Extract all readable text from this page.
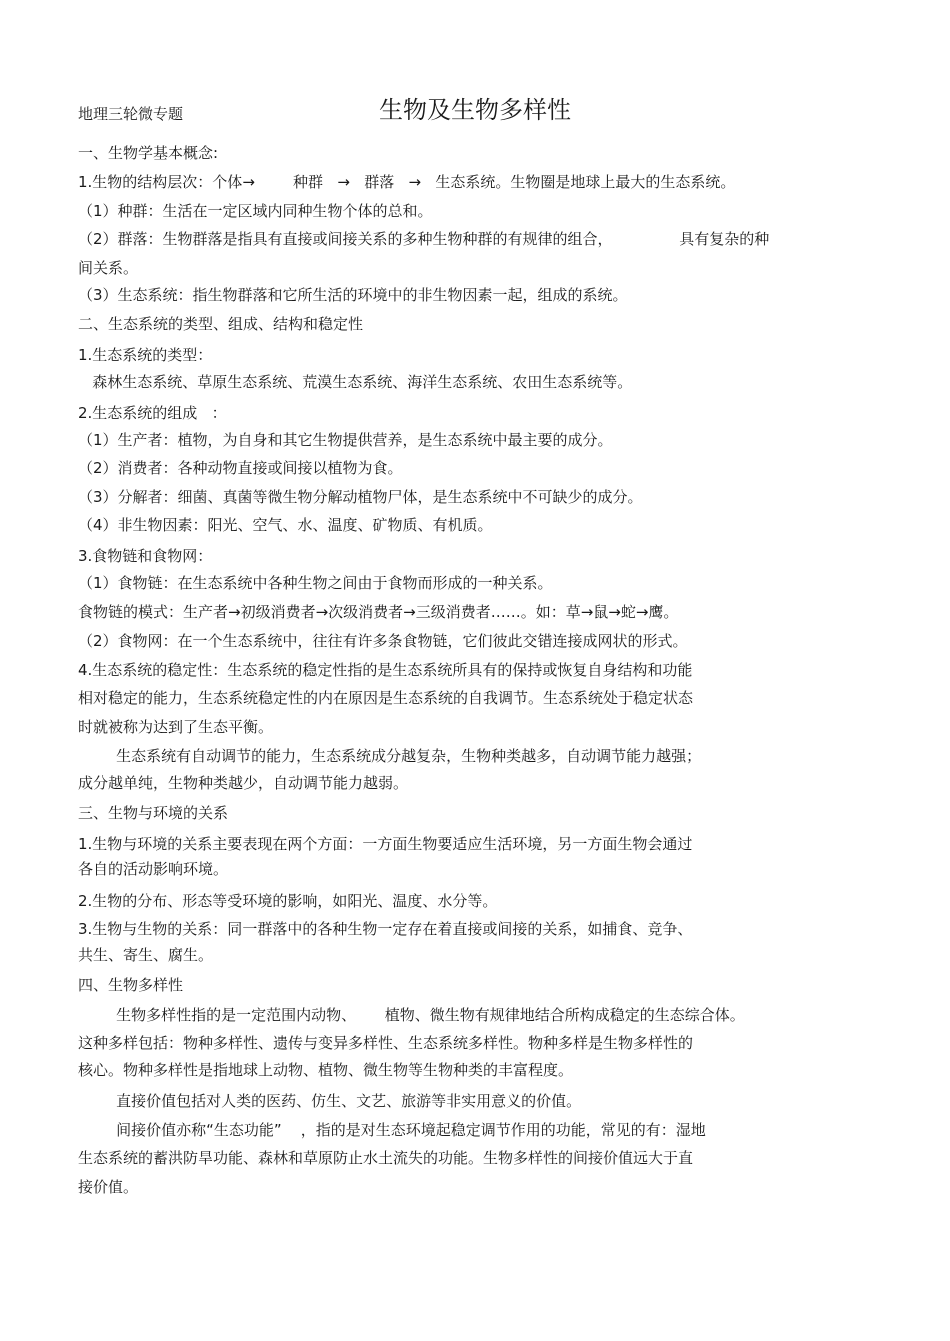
地理三轮微专题	生物及生物多样性
一、生物学基本概念:
1.生物的结构层次：个体→        种群   →   群落   →   生态系统。生物圈是地球上最大的生态系统。
（1）种群：生活在一定区域内同种生物个体的总和。
（2）群落：生物群落是指具有直接或间接关系的多种生物种群的有规律的组合，              具有复杂的种
间关系。
（3）生态系统：指生物群落和它所生活的环境中的非生物因素一起，组成的系统。
二、生态系统的类型、组成、结构和稳定性
1.生态系统的类型：
森林生态系统、草原生态系统、荒漠生态系统、海洋生态系统、农田生态系统等。
2.生态系统的组成   ：
（1）生产者：植物，为自身和其它生物提供营养，是生态系统中最主要的成分。
（2）消费者：各种动物直接或间接以植物为食。
（3）分解者：细菌、真菌等微生物分解动植物尸体，是生态系统中不可缺少的成分。
（4）非生物因素：阳光、空气、水、温度、矿物质、有机质。
3.食物链和食物网：
（1）食物链：在生态系统中各种生物之间由于食物而形成的一种关系。
食物链的模式：生产者→初级消费者→次级消费者→三级消费者……。如：草→鼠→蛇→鹰。
（2）食物网：在一个生态系统中，往往有许多条食物链，它们彼此交错连接成网状的形式。
4.生态系统的稳定性：生态系统的稳定性指的是生态系统所具有的保持或恢复自身结构和功能
相对稳定的能力，生态系统稳定性的内在原因是生态系统的自我调节。生态系统处于稳定状态
时就被称为达到了生态平衡。
生态系统有自动调节的能力，生态系统成分越复杂，生物种类越多，自动调节能力越强；
成分越单纯，生物种类越少，自动调节能力越弱。
三、生物与环境的关系
1.生物与环境的关系主要表现在两个方面：一方面生物要适应生活环境，另一方面生物会通过
各自的活动影响环境。
2.生物的分布、形态等受环境的影响，如阳光、温度、水分等。
3.生物与生物的关系：同一群落中的各种生物一定存在着直接或间接的关系，如捕食、竞争、
共生、寄生、腐生。
四、生物多样性
生物多样性指的是一定范围内动物、      植物、微生物有规律地结合所构成稳定的生态综合体。
这种多样包括：物种多样性、遗传与变异多样性、生态系统多样性。物种多样是生物多样性的
核心。物种多样性是指地球上动物、植物、微生物等生物种类的丰富程度。
直接价值包括对人类的医药、仿生、文艺、旅游等非实用意义的价值。
间接价值亦称“生态功能”    ，指的是对生态环境起稳定调节作用的功能，常见的有：湿地
生态系统的蓄洪防旱功能、森林和草原防止水土流失的功能。生物多样性的间接价值远大于直
接价值。
